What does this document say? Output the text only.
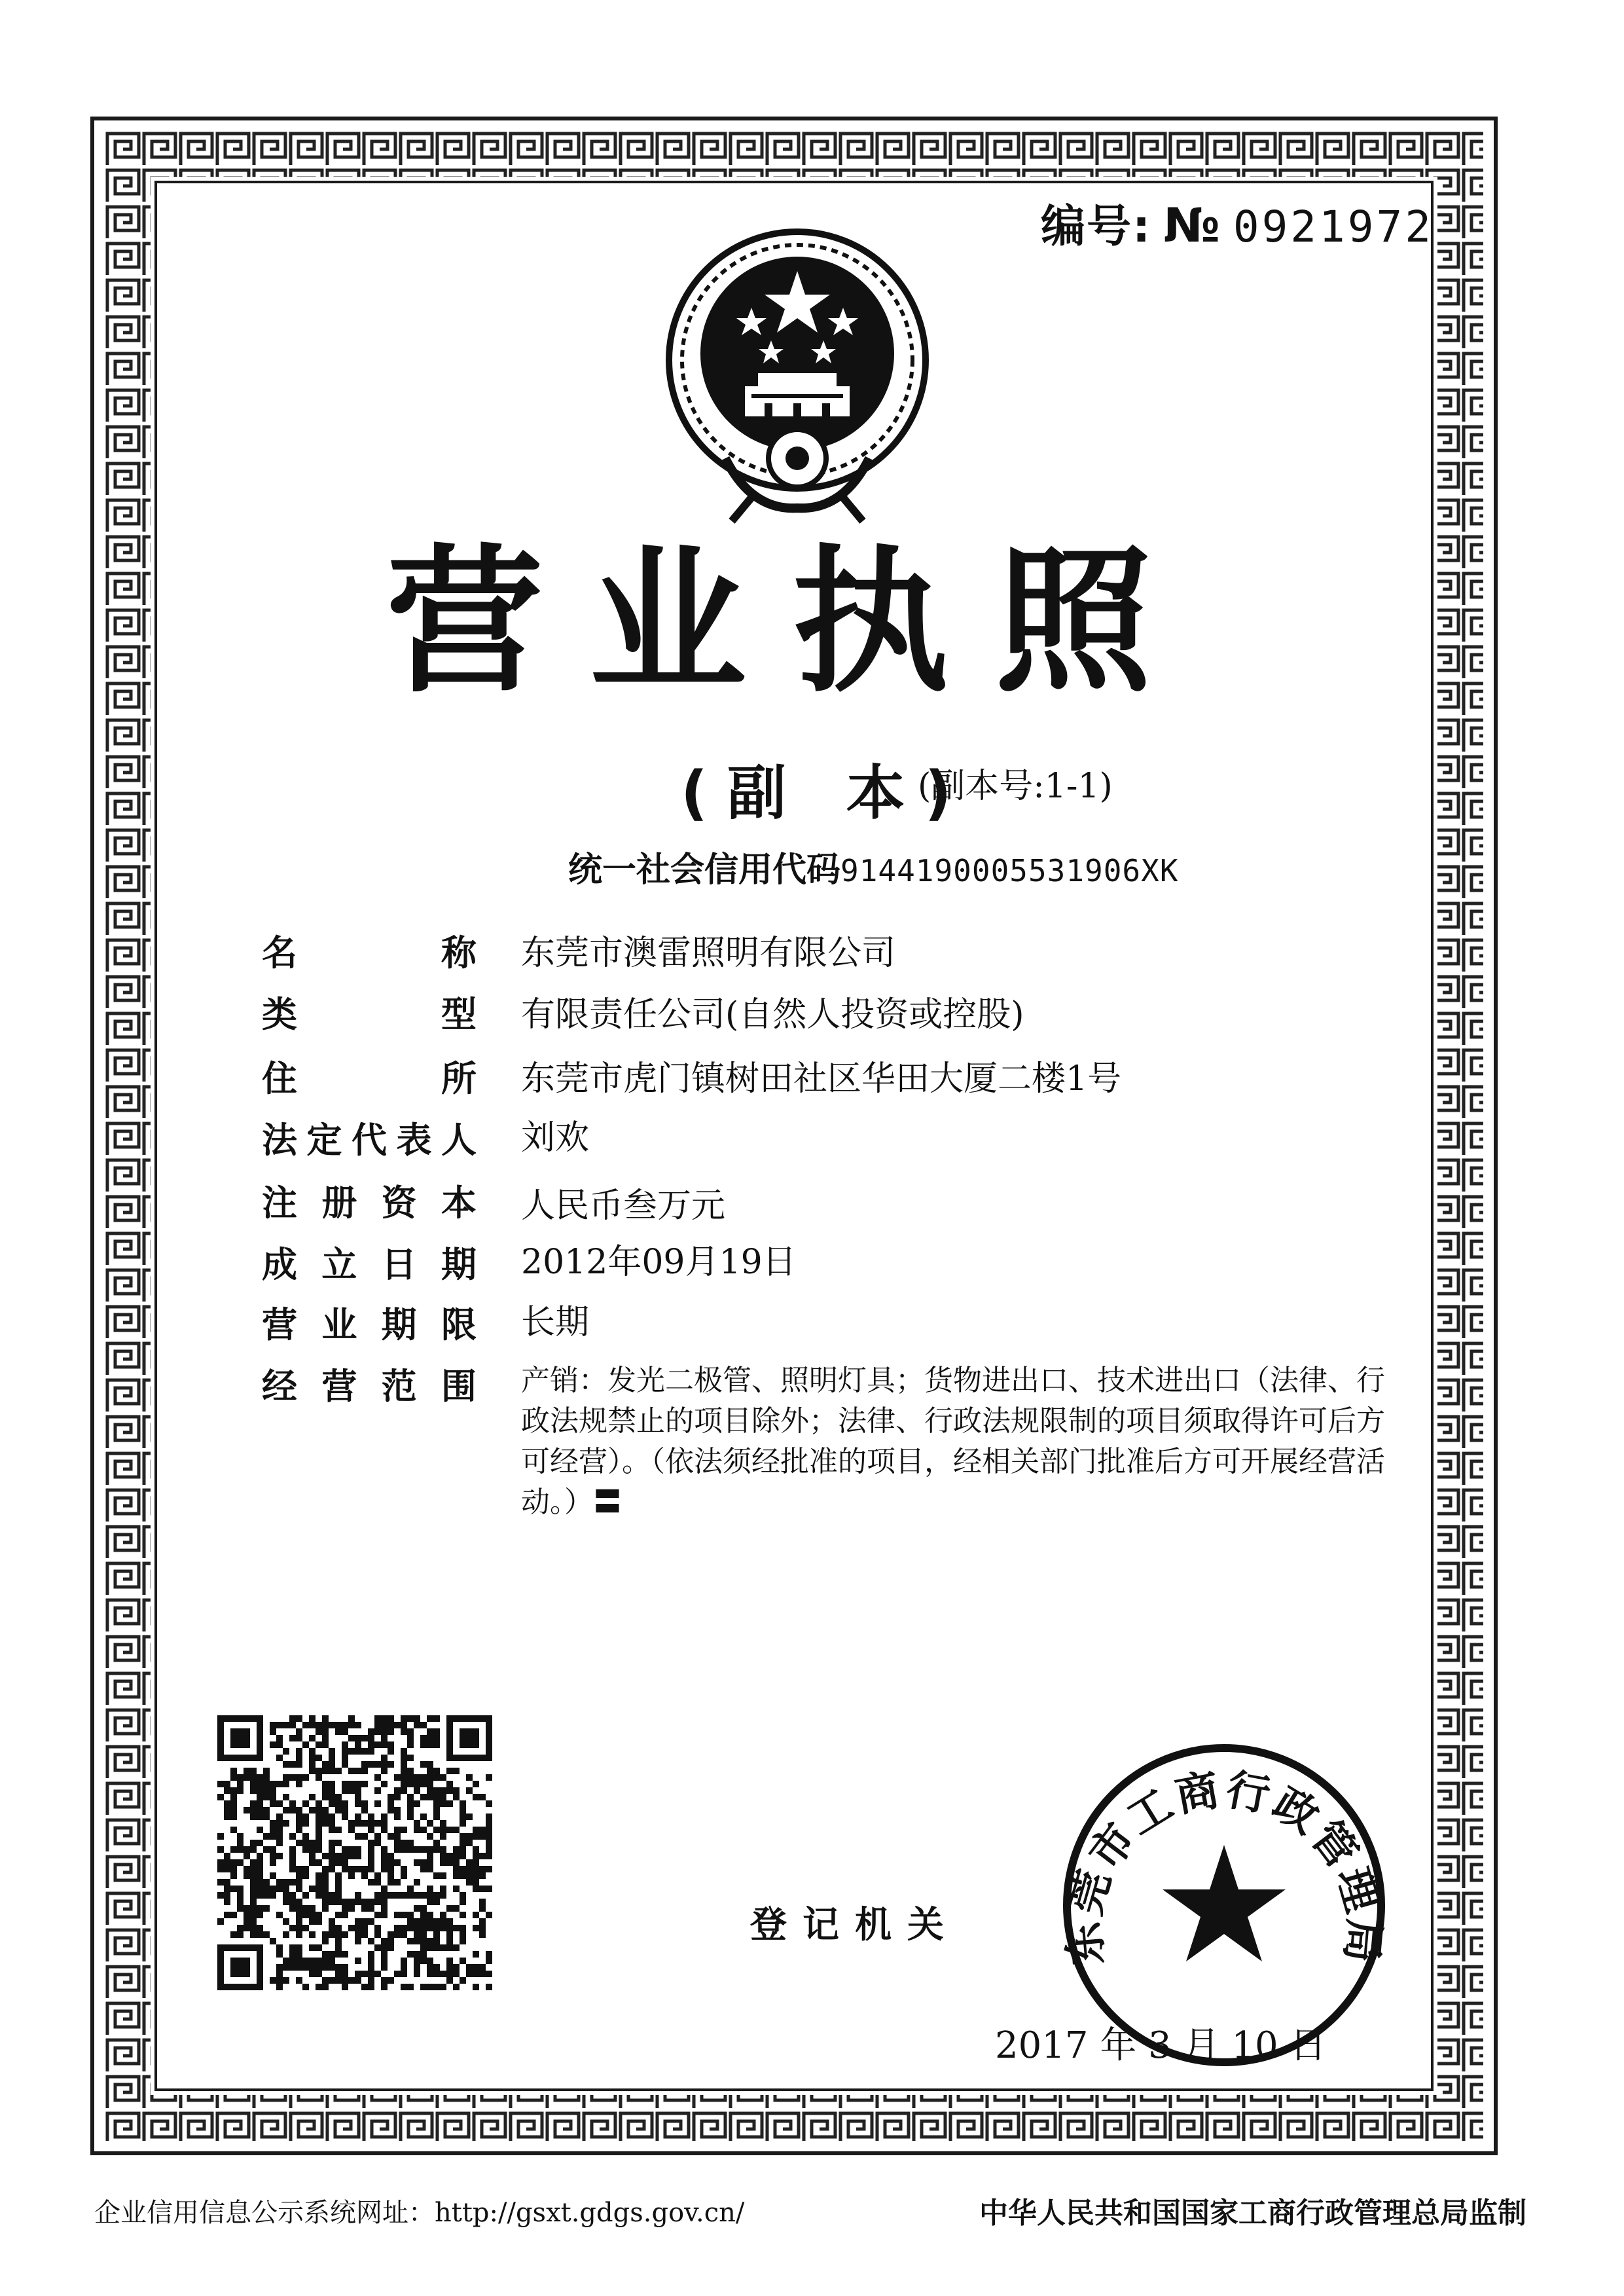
编号: № 0921972
营业执照
(副 本)
(副本号:1-1)
统一社会信用代码9144190005531906XK
名称 东莞市澳雷照明有限公司
类型 有限责任公司(自然人投资或控股)
住所 东莞市虎门镇树田社区华田大厦二楼1号
法定代表人 刘欢
注册资本 人民币叁万元
成立日期 2012年09月19日
营业期限 长期
经营范围 产销：发光二极管、照明灯具；货物进出口、技术进出口（法律、行政法规禁止的项目除外；法律、行政法规限制的项目须取得许可后方可经营）。（依法须经批准的项目，经相关部门批准后方可开展经营活动。）〓
登记机关 东莞市工商行政管理局
2017 年 3 月 10 日
企业信用信息公示系统网址：http://gsxt.gdgs.gov.cn/	中华人民共和国国家工商行政管理总局监制
